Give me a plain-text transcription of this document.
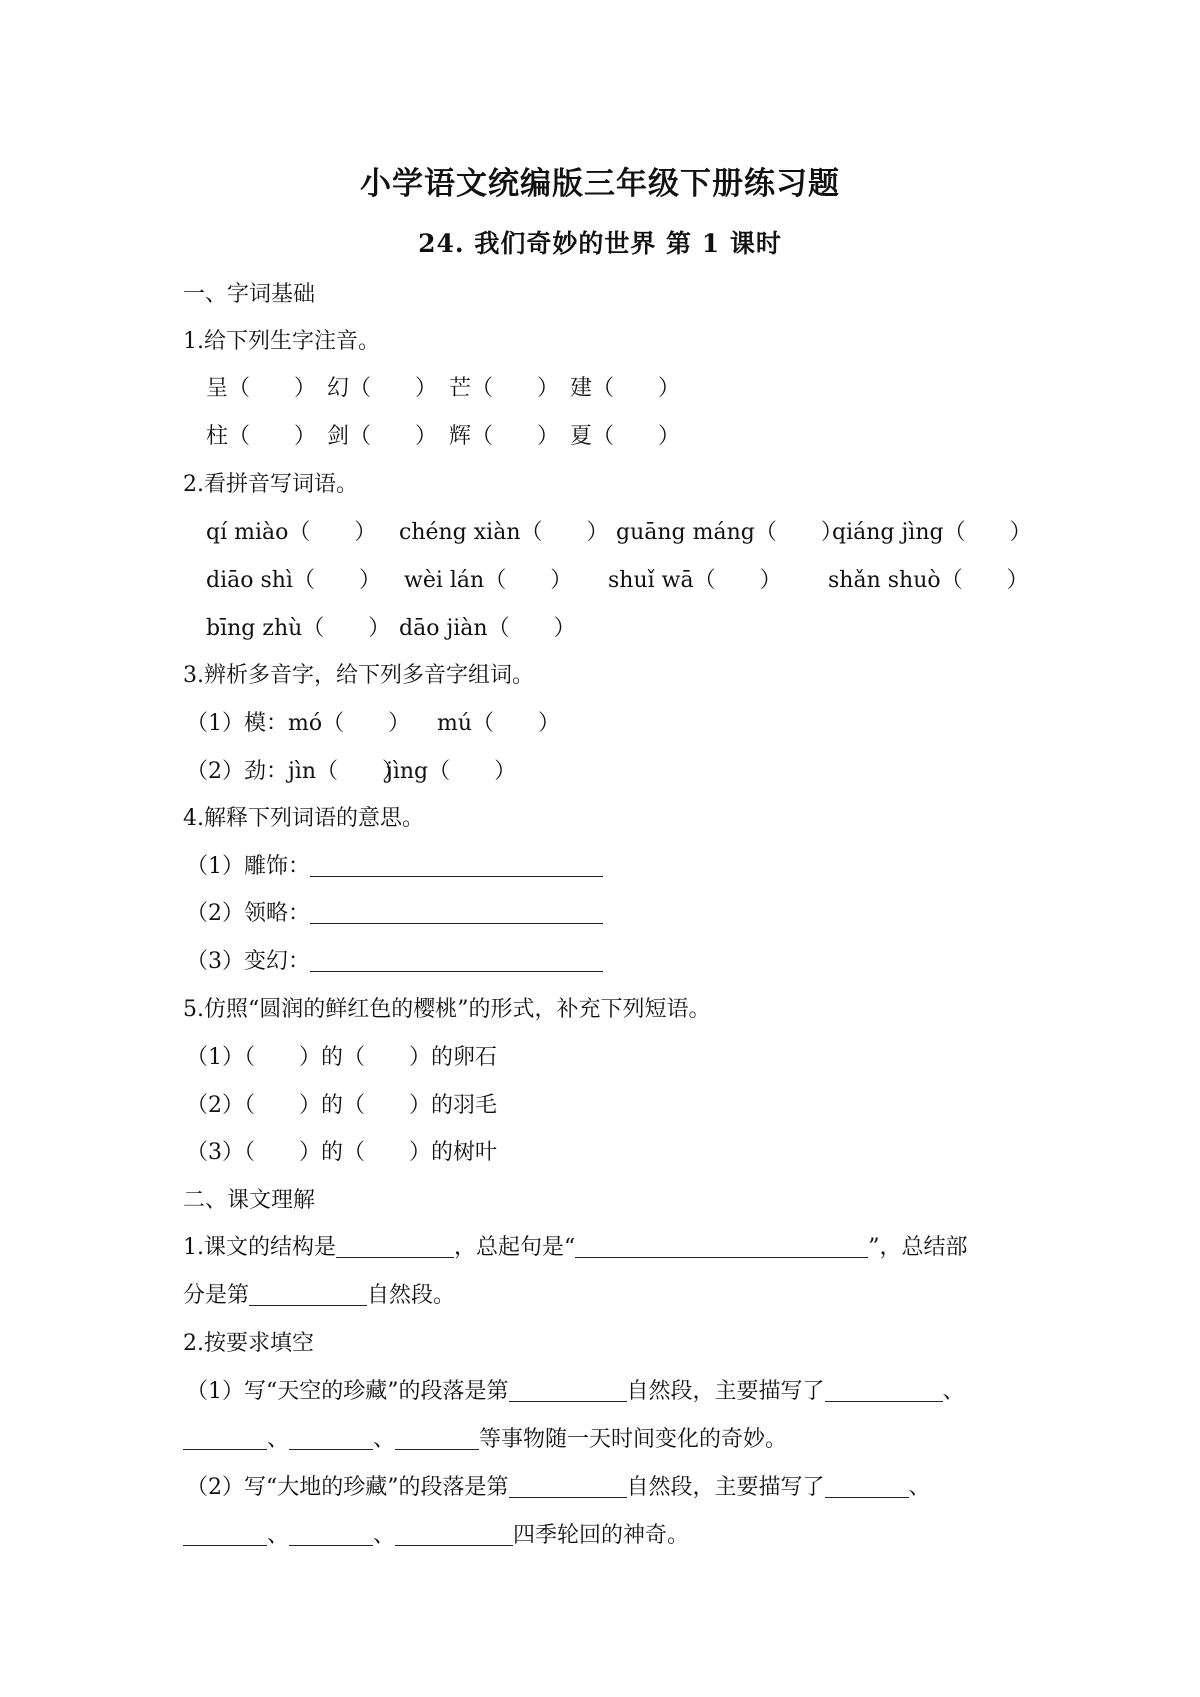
小学语文统编版三年级下册练习题
24. 我们奇妙的世界 第 1 课时
一、字词基础
1.给下列生字注音。
呈（　　） 幻（　　） 芒（　　） 建（　　）
柱（　　） 剑（　　） 辉（　　） 夏（　　）
2.看拼音写词语。
qí miào（　　） chéng xiàn（　　） guāng máng（　　）
qiáng jìng（　　）
diāo shì（　　） wèi lán（　　） shuǐ wā（　　） shǎn shuò（　　）
bīng zhù（　　） dāo jiàn（　　）
3.辨析多音字，给下列多音字组词。
（1）模：mó（　　） mú（　　）
（2）劲：jìn（　　）
jìng（　　）
4.解释下列词语的意思。
（1）雕饰：
（2）领略：
（3）变幻：
5.仿照“圆润的鲜红色的樱桃”的形式，补充下列短语。
（1）（　　）的（　　）的卵石
（2）（　　）的（　　）的羽毛
（3）（　　）的（　　）的树叶
二、课文理解
1.课文的结构是	，总起句是“	”，总结部
分是第	自然段。
2.按要求填空
（1）写“天空的珍藏”的段落是第	自然段，主要描写了	、
、	、	等事物随一天时间变化的奇妙。
（2）写“大地的珍藏”的段落是第	自然段，主要描写了	、
、	、	四季轮回的神奇。
